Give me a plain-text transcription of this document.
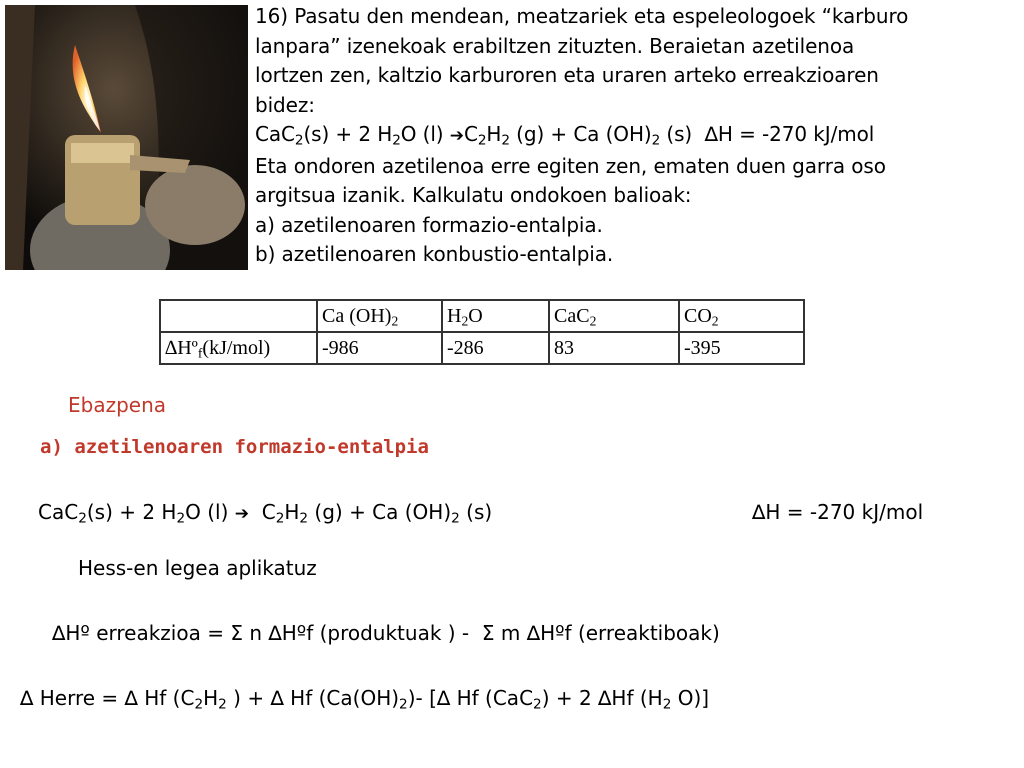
16) Pasatu den mendean, meatzariek eta espeleologoek “karburo

lanpara” izenekoak erabiltzen zituzten. Beraietan azetilenoa

lortzen zen, kaltzio karburoren eta uraren arteko erreakzioaren

bidez:

CaC$_2$(s) + 2 $H_2O$ (l) $➔C_2H_2$ (g) + Ca $(OH)_2$ (s)  ∆H = -270 kJ/mol

Eta ondoren azetilenoa erre egiten zen, ematen duen garra oso

argitsua izanik. Kalkulatu ondokoen balioak:

a) azetilenoaren formazio-entalpia.

b) azetilenoaren konbustio-entalpia.

	Ca $(OH)_2$	$H_2O$	CaC$_2$	$CO_2$
∆Hº$_f$(kJ/mol)	-986	-286	83	-395
Ebazpena
a) azetilenoaren formazio-entalpia
CaC$_2$(s) + 2 $H_2O$ (l) ➔  $C_2H_2$ (g) + Ca $(OH)_2$ (s)	∆H = -270 kJ/mol
Hess-en legea aplikatuz
∆Hº erreakzioa = Σ n ∆Hºf (produktuak ) -  Σ m ∆Hºf (erreaktiboak)
∆ Herre = ∆ Hf ($C_2H_2$ ) + ∆ Hf $(Ca(OH)_2)-$ [∆ Hf (CaC$_2$) + 2 ∆Hf ($H_2$ O)]
